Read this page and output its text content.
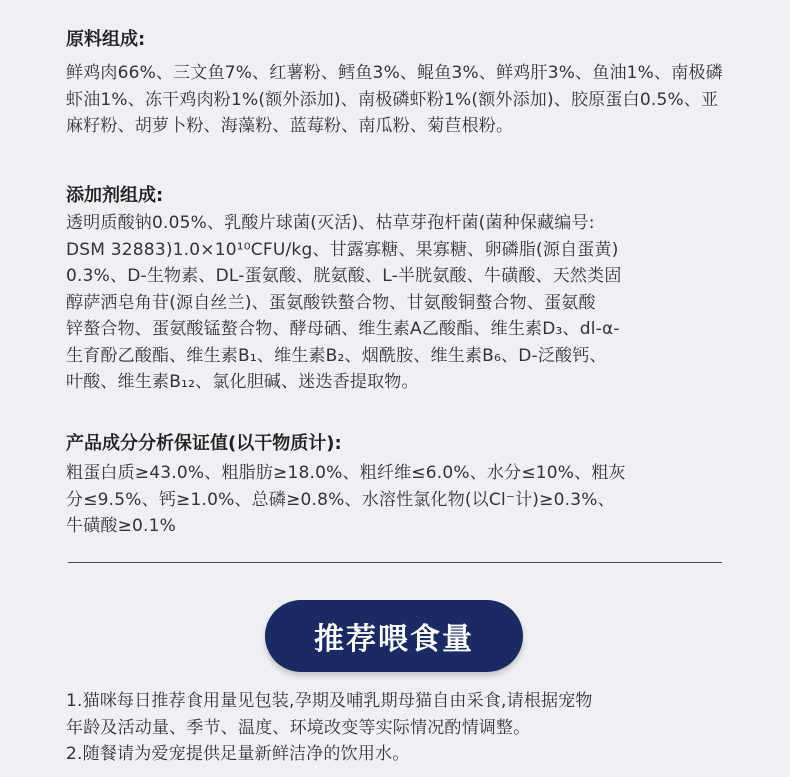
原料组成:

鲜鸡肉66%、三文鱼7%、红薯粉、鳕鱼3%、鲲鱼3%、鲜鸡肝3%、鱼油1%、南极磷虾油1%、冻干鸡肉粉1%(额外添加)、南极磷虾粉1%(额外添加)、胶原蛋白0.5%、亚麻籽粉、胡萝卜粉、海藻粉、蓝莓粉、南瓜粉、菊苣根粉。

添加剂组成:

透明质酸钠0.05%、乳酸片球菌(灭活)、枯草芽孢杆菌(菌种保藏编号:

DSM 32883)1.0×10¹⁰CFU/kg、甘露寡糖、果寡糖、卵磷脂(源自蛋黄)

0.3%、D-生物素、DL-蛋氨酸、胱氨酸、L-半胱氨酸、牛磺酸、天然类固

醇萨洒皂角苷(源自丝兰)、蛋氨酸铁螯合物、甘氨酸铜螯合物、蛋氨酸

锌螯合物、蛋氨酸锰螯合物、酵母硒、维生素A乙酸酯、维生素D₃、dl-α-

生育酚乙酸酯、维生素B₁、维生素B₂、烟酰胺、维生素B₆、D-泛酸钙、

叶酸、维生素B₁₂、氯化胆碱、迷迭香提取物。

产品成分分析保证值(以干物质计):

粗蛋白质≥43.0%、粗脂肪≥18.0%、粗纤维≤6.0%、水分≤10%、粗灰

分≤9.5%、钙≥1.0%、总磷≥0.8%、水溶性氯化物(以Cl⁻计)≥0.3%、

牛磺酸≥0.1%

推荐喂食量

1.猫咪每日推荐食用量见包装,孕期及哺乳期母猫自由采食,请根据宠物

年龄及活动量、季节、温度、环境改变等实际情况酌情调整。

2.随餐请为爱宠提供足量新鲜洁净的饮用水。
